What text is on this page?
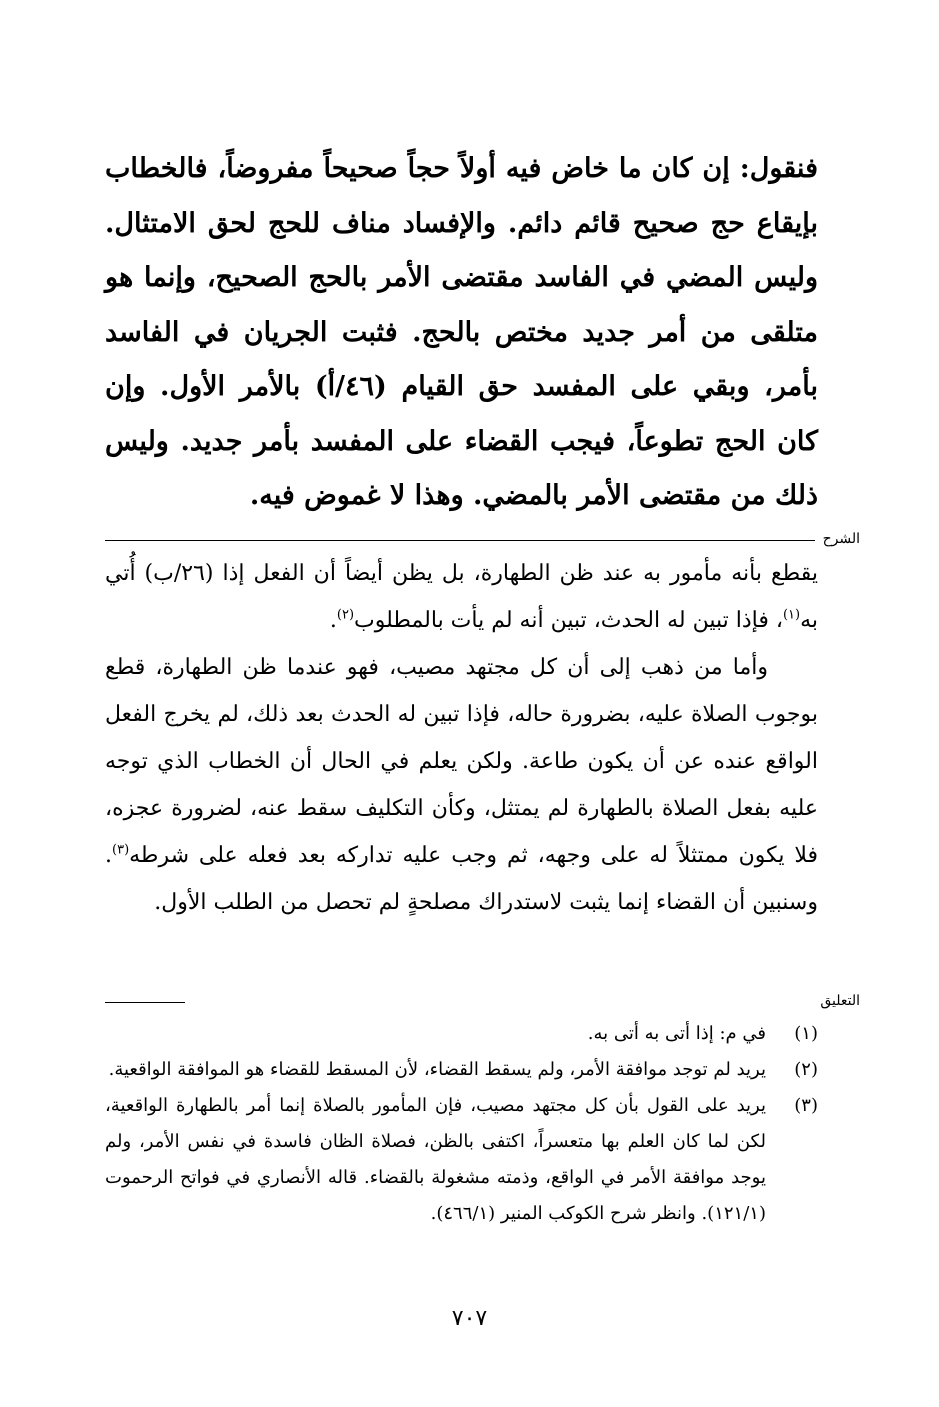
فنقول: إن كان ما خاض فيه أولاً حجاً صحيحاً مفروضاً، فالخطاب بإيقاع حج صحيح قائم دائم. والإفساد مناف للحج لحق الامتثال. وليس المضي في الفاسد مقتضى الأمر بالحج الصحيح، وإنما هو متلقى من أمر جديد مختص بالحج. فثبت الجريان في الفاسد بأمر، وبقي على المفسد حق القيام (٤٦/أ) بالأمر الأول. وإن كان الحج تطوعاً، فيجب القضاء على المفسد بأمر جديد. وليس ذلك من مقتضى الأمر بالمضي. وهذا لا غموض فيه.

الشرح

يقطع بأنه مأمور به عند ظن الطهارة، بل يظن أيضاً أن الفعل إذا (٢٦/ب) أُتي به$^{(١)}$، فإذا تبين له الحدث، تبين أنه لم يأت بالمطلوب$^{(٢)}$.

وأما من ذهب إلى أن كل مجتهد مصيب، فهو عندما ظن الطهارة، قطع بوجوب الصلاة عليه، بضرورة حاله، فإذا تبين له الحدث بعد ذلك، لم يخرج الفعل الواقع عنده عن أن يكون طاعة. ولكن يعلم في الحال أن الخطاب الذي توجه عليه بفعل الصلاة بالطهارة لم يمتثل، وكأن التكليف سقط عنه، لضرورة عجزه، فلا يكون ممتثلاً له على وجهه، ثم وجب عليه تداركه بعد فعله على شرطه$^{(٣)}$. وسنبين أن القضاء إنما يثبت لاستدراك مصلحةٍ لم تحصل من الطلب الأول.

التعليق

(١)
في م: إذا أتى به أتى به.

(٢)
يريد لم توجد موافقة الأمر، ولم يسقط القضاء، لأن المسقط للقضاء هو الموافقة الواقعية.

(٣)
يريد على القول بأن كل مجتهد مصيب، فإن المأمور بالصلاة إنما أمر بالطهارة الواقعية، لكن لما كان العلم بها متعسراً، اكتفى بالظن، فصلاة الظان فاسدة في نفس الأمر، ولم يوجد موافقة الأمر في الواقع، وذمته مشغولة بالقضاء. قاله الأنصاري في فواتح الرحموت (١٢١/١). وانظر شرح الكوكب المنير (٤٦٦/١).

٧٠٧
